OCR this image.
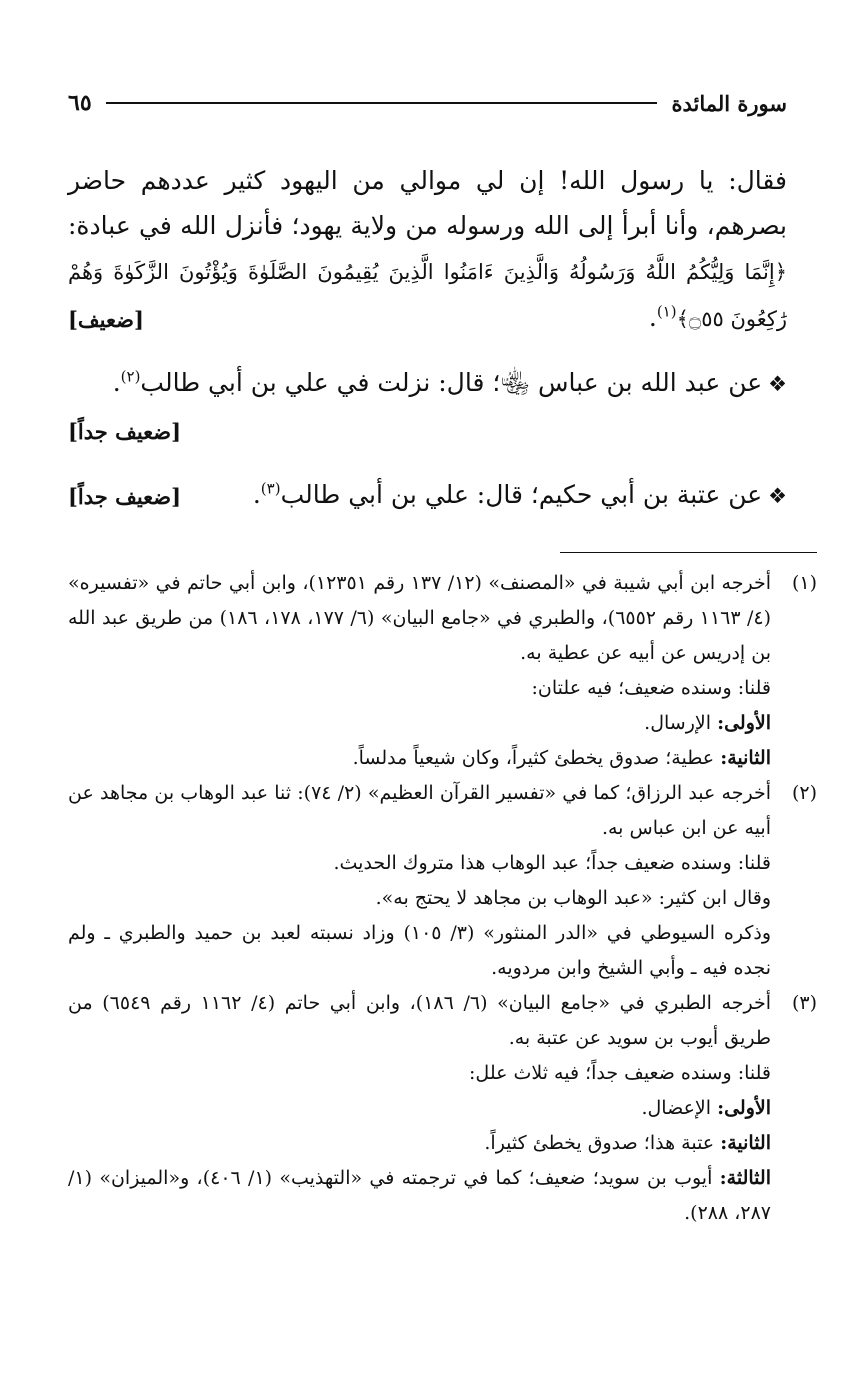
سورة المائدة
٦٥

فقال: يا رسول الله! إن لي موالي من اليهود كثير عددهم حاضر بصرهم، وأنا أبرأ إلى الله ورسوله من ولاية يهود؛ فأنزل الله في عبادة: ﴿إِنَّمَا وَلِيُّكُمُ اللَّهُ وَرَسُولُهُ وَالَّذِينَ ءَامَنُوا الَّذِينَ يُقِيمُونَ الصَّلَوٰةَ وَيُؤْتُونَ الزَّكَوٰةَ وَهُمْ رَٰكِعُونَ ۝٥٥﴾$^{(١)}$.
[ضعيف]

❖عن عبد الله بن عباس ﵄؛ قال: نزلت في علي بن أبي طالب$^{(٢)}$.
[ضعيف جداً]

❖عن عتبة بن أبي حكيم؛ قال: علي بن أبي طالب$^{(٣)}$.
[ضعيف جداً]

(١)
أخرجه ابن أبي شيبة في «المصنف» (١٢/ ١٣٧ رقم ١٢٣٥١)، وابن أبي حاتم في «تفسيره» (٤/ ١١٦٣ رقم ٦٥٥٢)، والطبري في «جامع البيان» (٦/ ١٧٧، ١٧٨، ١٨٦) من طريق عبد الله بن إدريس عن أبيه عن عطية به.
قلنا: وسنده ضعيف؛ فيه علتان:
الأولى: الإرسال.
الثانية: عطية؛ صدوق يخطئ كثيراً، وكان شيعياً مدلساً.
(٢)
أخرجه عبد الرزاق؛ كما في «تفسير القرآن العظيم» (٢/ ٧٤): ثنا عبد الوهاب بن مجاهد عن أبيه عن ابن عباس به.
قلنا: وسنده ضعيف جداً؛ عبد الوهاب هذا متروك الحديث.
وقال ابن كثير: «عبد الوهاب بن مجاهد لا يحتج به».
وذكره السيوطي في «الدر المنثور» (٣/ ١٠٥) وزاد نسبته لعبد بن حميد والطبري ـ ولم نجده فيه ـ وأبي الشيخ وابن مردويه.
(٣)
أخرجه الطبري في «جامع البيان» (٦/ ١٨٦)، وابن أبي حاتم (٤/ ١١٦٢ رقم ٦٥٤٩) من طريق أيوب بن سويد عن عتبة به.
قلنا: وسنده ضعيف جداً؛ فيه ثلاث علل:
الأولى: الإعضال.
الثانية: عتبة هذا؛ صدوق يخطئ كثيراً.
الثالثة: أيوب بن سويد؛ ضعيف؛ كما في ترجمته في «التهذيب» (١/ ٤٠٦)، و«الميزان» (١/ ٢٨٧، ٢٨٨).
